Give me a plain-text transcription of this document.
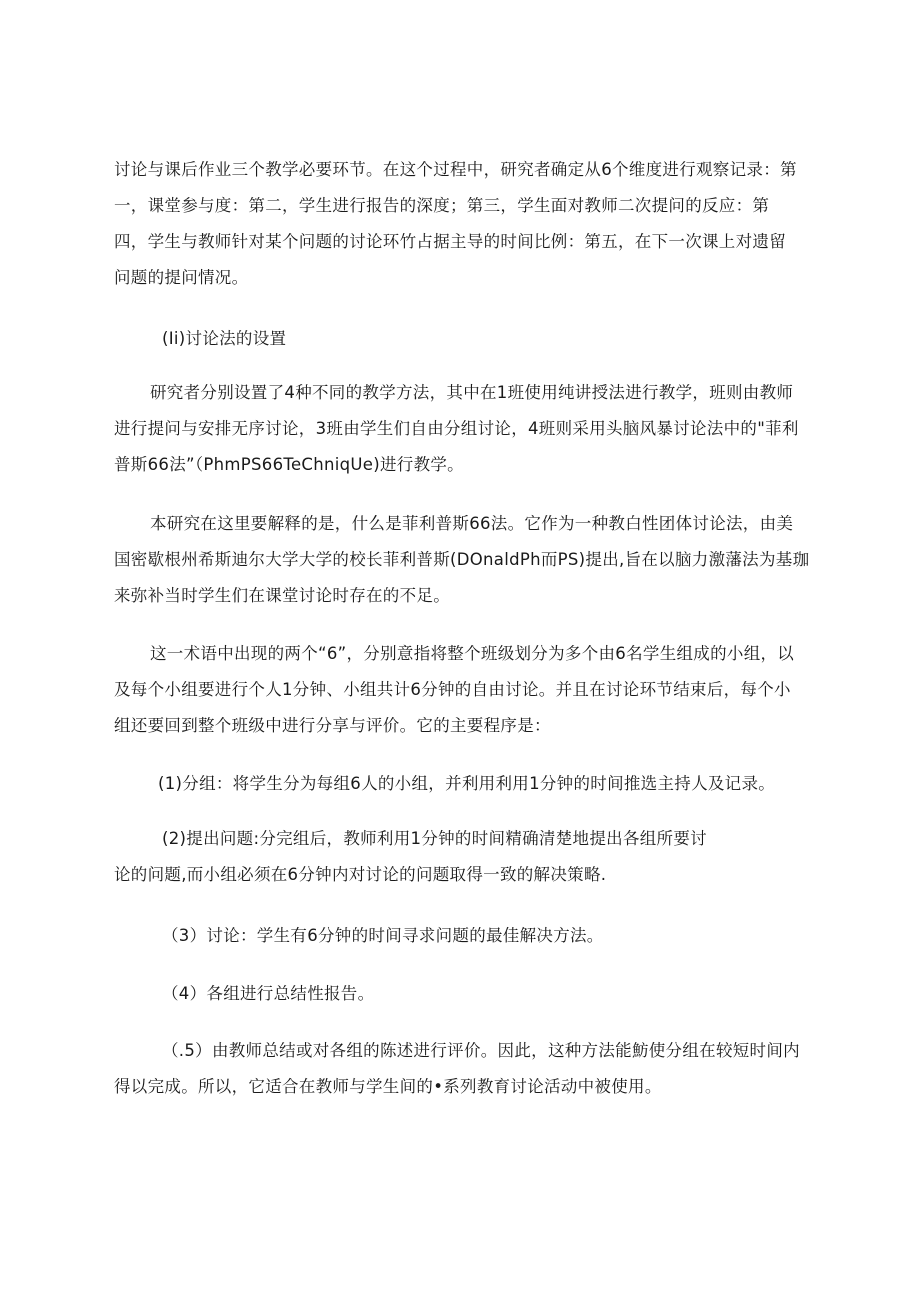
讨论与课后作业三个教学必要环节。在这个过程中，研究者确定从6个维度进行观察记录：第
一，课堂参与度：第二，学生进行报告的深度；第三，学生面对教师二次提问的反应：第
四，学生与教师针对某个问题的讨论环竹占据主导的时间比例：第五，在下一次课上对遗留
问题的提问情况。
(Ii)讨论法的设置
研究者分别设置了4种不同的教学方法，其中在1班使用纯讲授法进行教学，班则由教师
进行提问与安排无序讨论，3班由学生们自由分组讨论，4班则采用头脑风暴讨论法中的"菲利
普斯66法”（PhmPS66TeChniqUe)进行教学。
本研究在这里要解释的是，什么是菲利普斯66法。它作为一种教白性团体讨论法，由美
国密歇根州希斯迪尔大学大学的校长菲利普斯(DOnaldPh而PS)提出,旨在以脑力激藩法为基珈
来弥补当时学生们在课堂讨论时存在的不足。
这一术语中出现的两个“6”，分别意指将整个班级划分为多个由6名学生组成的小组，以
及每个小组要进行个人1分钟、小组共计6分钟的自由讨论。并且在讨论环节结束后，每个小
组还要回到整个班级中进行分享与评价。它的主要程序是：
(1)分组：将学生分为每组6人的小组，并利用利用1分钟的时间推选主持人及记录。
(2)提出问题:分完组后，教师利用1分钟的时间精确清楚地提出各组所要讨
论的问题,而小组必须在6分钟内对讨论的问题取得一致的解决策略.
（3）讨论：学生有6分钟的时间寻求问题的最佳解决方法。
（4）各组进行总结性报告。
（.5）由教师总结或对各组的陈述进行评价。因此，这种方法能魴使分组在较短时间内
得以完成。所以，它适合在教师与学生间的•系列教育讨论活动中被使用。
